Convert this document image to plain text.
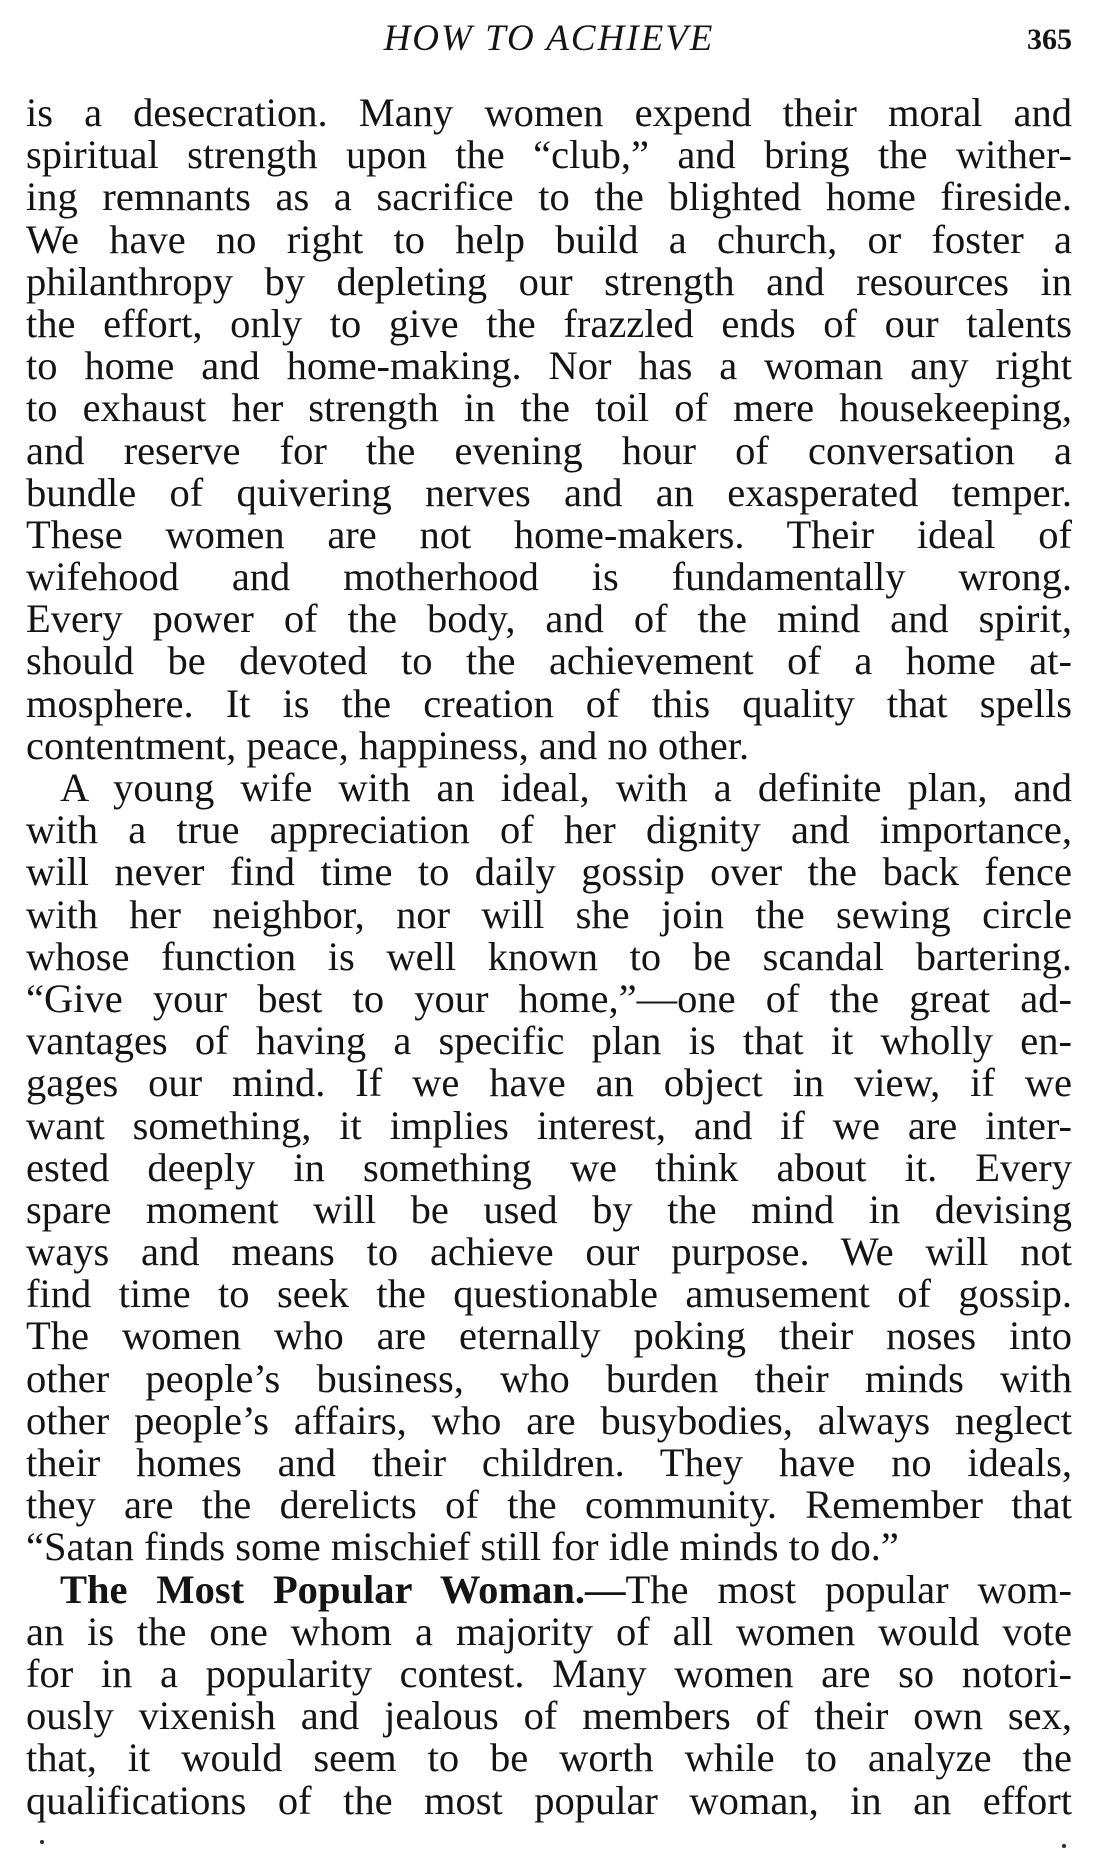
HOW TO ACHIEVE	365
is a desecration. Many women expend their moral and
spiritual strength upon the “club,” and bring the wither-
ing remnants as a sacrifice to the blighted home fireside.
We have no right to help build a church, or foster a
philanthropy by depleting our strength and resources in
the effort, only to give the frazzled ends of our talents
to home and home-making. Nor has a woman any right
to exhaust her strength in the toil of mere housekeeping,
and reserve for the evening hour of conversation a
bundle of quivering nerves and an exasperated temper.
These women are not home-makers. Their ideal of
wifehood and motherhood is fundamentally wrong.
Every power of the body, and of the mind and spirit,
should be devoted to the achievement of a home at-
mosphere. It is the creation of this quality that spells
contentment, peace, happiness, and no other.
A young wife with an ideal, with a definite plan, and
with a true appreciation of her dignity and importance,
will never find time to daily gossip over the back fence
with her neighbor, nor will she join the sewing circle
whose function is well known to be scandal bartering.
“Give your best to your home,”—one of the great ad-
vantages of having a specific plan is that it wholly en-
gages our mind. If we have an object in view, if we
want something, it implies interest, and if we are inter-
ested deeply in something we think about it. Every
spare moment will be used by the mind in devising
ways and means to achieve our purpose. We will not
find time to seek the questionable amusement of gossip.
The women who are eternally poking their noses into
other people’s business, who burden their minds with
other people’s affairs, who are busybodies, always neglect
their homes and their children. They have no ideals,
they are the derelicts of the community. Remember that
“Satan finds some mischief still for idle minds to do.”
The Most Popular Woman.—The most popular wom-
an is the one whom a majority of all women would vote
for in a popularity contest. Many women are so notori-
ously vixenish and jealous of members of their own sex,
that, it would seem to be worth while to analyze the
qualifications of the most popular woman, in an effort
